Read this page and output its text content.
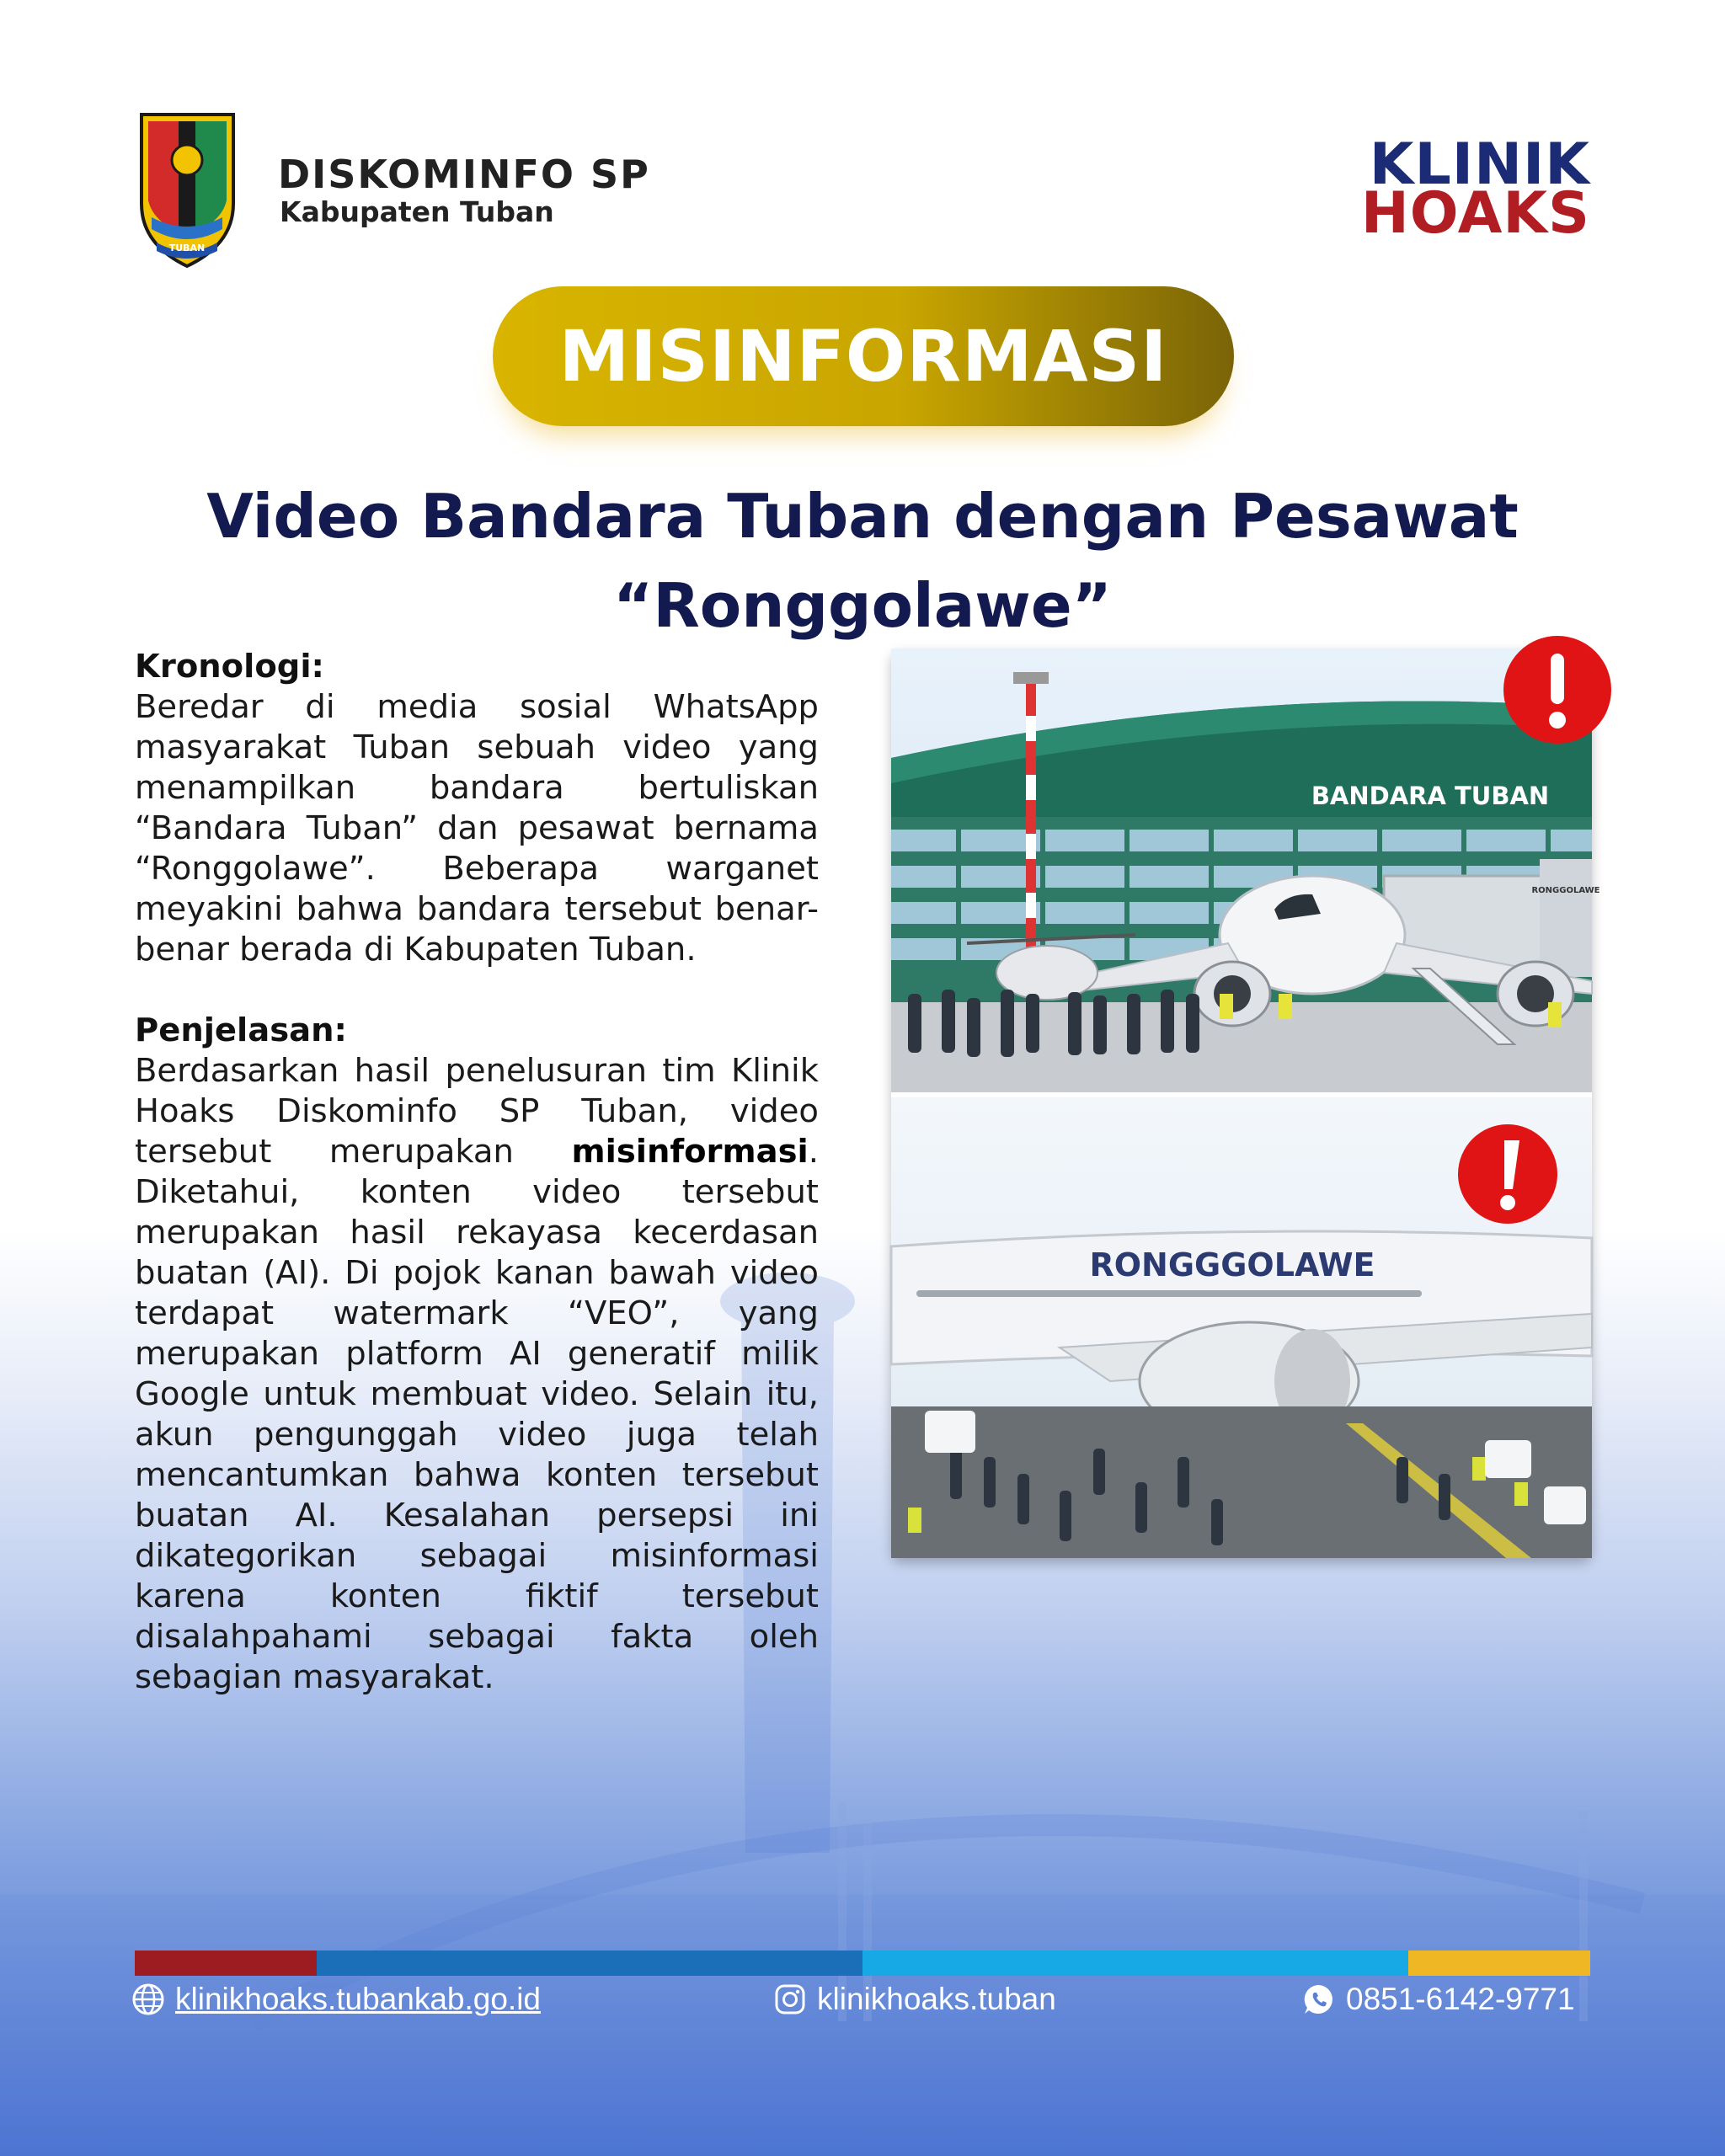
TUBAN
DISKOMINFO SP
Kabupaten Tuban
KLINIK
HOAKS
MISINFORMASI
Video Bandara Tuban dengan Pesawat
“Ronggolawe”
Kronologi:

Beredar di media sosial WhatsApp masyarakat Tuban sebuah video yang menampilkan bandara bertuliskan “Bandara Tuban” dan pesawat bernama “Ronggolawe”. Beberapa warganet meyakini bahwa bandara tersebut benar-benar berada di Kabupaten Tuban.

Penjelasan:

Berdasarkan hasil penelusuran tim Klinik Hoaks Diskominfo SP Tuban, video tersebut merupakan misinformasi. Diketahui, konten video tersebut merupakan hasil rekayasa kecerdasan buatan (AI). Di pojok kanan bawah video terdapat watermark “VEO”, yang merupakan platform AI generatif milik Google untuk membuat video. Selain itu, akun pengunggah video juga telah mencantumkan bahwa konten tersebut buatan AI. Kesalahan persepsi ini dikategorikan sebagai misinformasi karena konten fiktif tersebut disalahpahami sebagai fakta oleh sebagian masyarakat.

BANDARA TUBAN
RONGGOLAWE
RONGGGOLAWE
klinikhoaks.tubankab.go.id	klinikhoaks.tuban	0851-6142-9771
